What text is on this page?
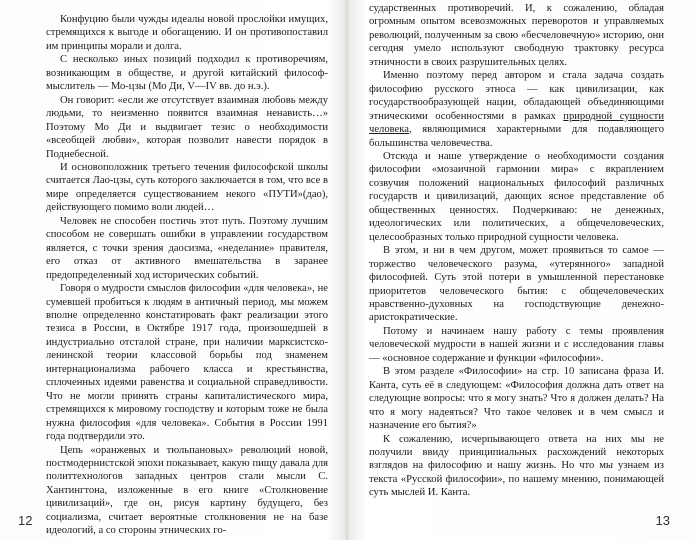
Конфуцию были чужды идеалы новой прослойки имущих, стремящихся к выгоде и обогащению. И он противопоставил им принципы морали и долга.

С несколько иных позиций подходил к противоречиям, возникающим в обществе, и другой китайский философ-мыслитель — Мо-цзы (Мо Ди, V—IV вв. до н.э.).

Он говорит: «если же отсутствует взаимная любовь между людьми, то неизменно появится взаимная ненависть…» Поэтому Мо Ди и выдвигает тезис о необходимости «всеобщей любви», которая позволит навести порядок в Поднебесной.

И основоположник третьего течения философской школы считается Лао-цзы, суть которого заключается в том, что все в мире определяется существованием некого «ПУТИ»(дао), действующего помимо воли людей…

Человек не способен постичь этот путь. Поэтому лучшим способом не совершать ошибки в управлении государством является, с точки зрения даосизма, «неделание» правителя, его отказ от активного вмешательства в заранее предопределенный ход исторических событий.

Говоря о мудрости смыслов философии «для человека», не сумевшей пробиться к людям в античный период, мы можем вполне определенно констатировать факт реализации этого тезиса в России, в Октябре 1917 года, произошедшей в индустриально отсталой стране, при наличии марксистско-ленинской теории классовой борьбы под знаменем интернационализма рабочего класса и крестьянства, сплоченных идеями равенства и социальной справедливости. Что не могли принять страны капиталистического мира, стремящихся к мировому господству и которым тоже не была нужна философия «для человека». События в России 1991 года подтвердили это.

Цепь «оранжевых и тюльпановых» революций новой, постмодернистской эпохи показывает, какую пищу давала для политтехнологов западных центров стали мысли С. Хантингтона, изложенные в его книге «Столкновение цивилизаций», где он, рисуя картину будущего, без социализма, считает вероятные столкновения не на базе идеологий, а со стороны этнических го-

12

сударственных противоречий. И, к сожалению, обладая огромным опытом всевозможных переворотов и управляемых революций, полученным за свою «бесчеловечную» историю, они сегодня умело используют свободную трактовку ресурса этничности в своих разрушительных целях.

Именно поэтому перед автором и стала задача создать философию русского этноса — как цивилизации, как государствообразующей нации, обладающей объединяющими этническими особенностями в рамках природной сущности человека, являющимися характерными для подавляющего большинства человечества.

Отсюда и наше утверждение о необходимости создания философии «мозаичной гармонии мира» с вкраплением созвучия положений национальных философий различных государств и цивилизаций, дающих ясное представление об общественных ценностях. Подчеркиваю: не денежных, идеологических или политических, а общечеловеческих, целесообразных только природной сущности человека.

В этом, и ни в чем другом, может проявиться то самое — торжество человеческого разума, «утерянного» западной философией. Суть этой потери в умышленной перестановке приоритетов человеческого бытия: с общечеловеческих нравственно-духовных на господствующие денежно-аристократические.

Потому и начинаем нашу работу с темы проявления человеческой мудрости в нашей жизни и с исследования главы — «основное содержание и функции «философии».

В этом разделе «Философии» на стр. 10 записана фраза И. Канта, суть её в следующем: «Философия должна дать ответ на следующие вопросы: что я могу знать? Что я должен делать? На что я могу надеяться? Что такое человек и в чем смысл и назначение его бытия?»

К сожалению, исчерпывающего ответа на них мы не получили ввиду принципиальных расхождений некоторых взглядов на философию и нашу жизнь. Но что мы узнаем из текста «Русской философии», по нашему мнению, понимающей суть мыслей И. Канта.

13
